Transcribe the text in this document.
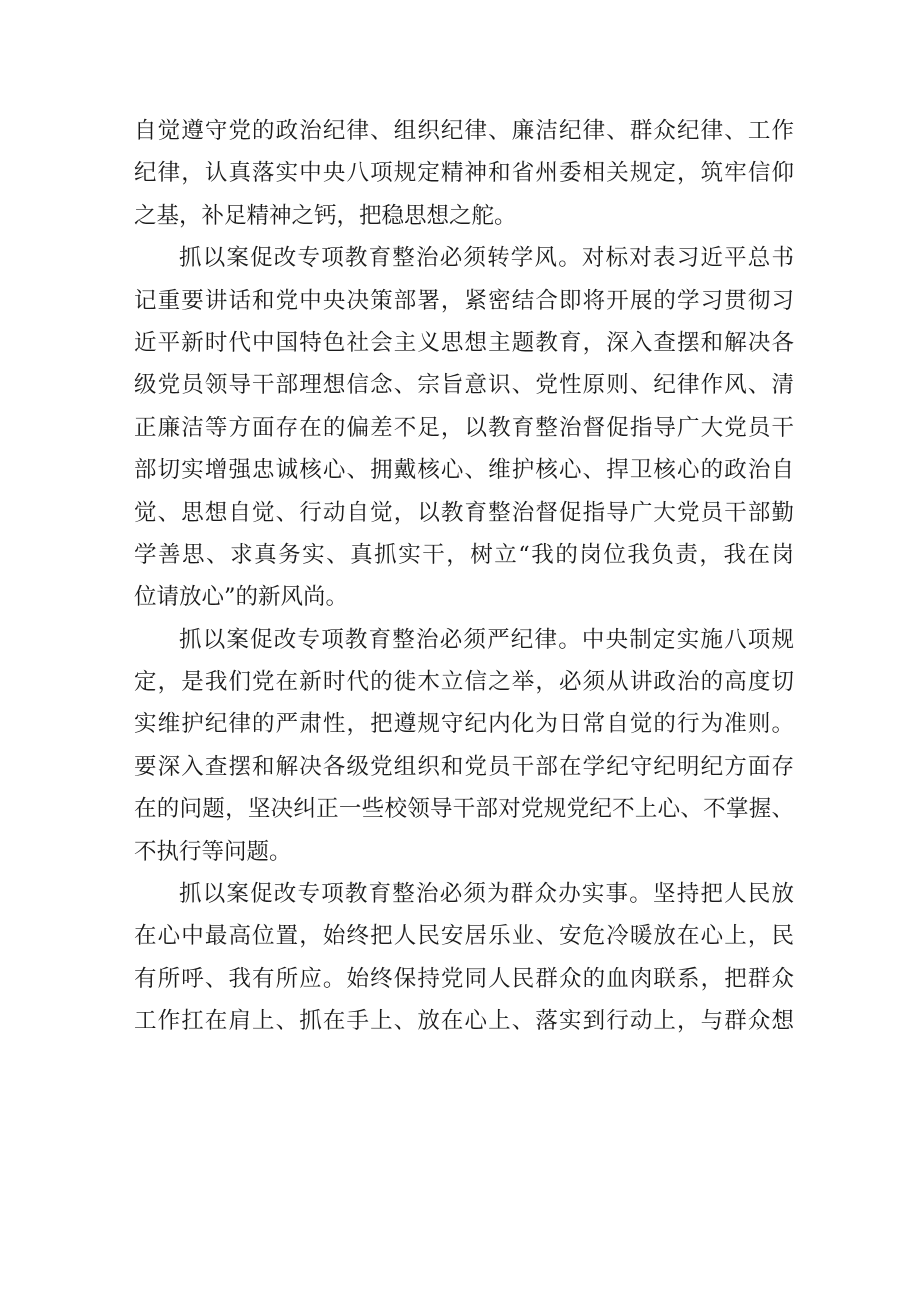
自觉遵守党的政治纪律、组织纪律、廉洁纪律、群众纪律、工作
纪律，认真落实中央八项规定精神和省州委相关规定，筑牢信仰
之基，补足精神之钙，把稳思想之舵。
抓以案促改专项教育整治必须转学风。对标对表习近平总书
记重要讲话和党中央决策部署，紧密结合即将开展的学习贯彻习
近平新时代中国特色社会主义思想主题教育，深入查摆和解决各
级党员领导干部理想信念、宗旨意识、党性原则、纪律作风、清
正廉洁等方面存在的偏差不足，以教育整治督促指导广大党员干
部切实增强忠诚核心、拥戴核心、维护核心、捍卫核心的政治自
觉、思想自觉、行动自觉，以教育整治督促指导广大党员干部勤
学善思、求真务实、真抓实干，树立“我的岗位我负责，我在岗
位请放心”的新风尚。
抓以案促改专项教育整治必须严纪律。中央制定实施八项规
定，是我们党在新时代的徙木立信之举，必须从讲政治的高度切
实维护纪律的严肃性，把遵规守纪内化为日常自觉的行为准则。
要深入查摆和解决各级党组织和党员干部在学纪守纪明纪方面存
在的问题，坚决纠正一些校领导干部对党规党纪不上心、不掌握、
不执行等问题。
抓以案促改专项教育整治必须为群众办实事。坚持把人民放
在心中最高位置，始终把人民安居乐业、安危冷暖放在心上，民
有所呼、我有所应。始终保持党同人民群众的血肉联系，把群众
工作扛在肩上、抓在手上、放在心上、落实到行动上，与群众想
